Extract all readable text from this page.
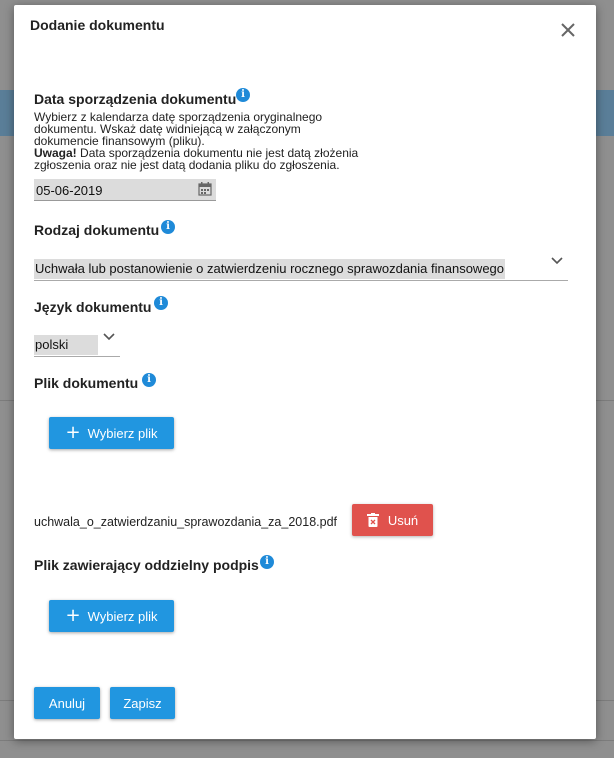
Dodanie dokumentu
Data sporządzenia dokumentu i
Wybierz z kalendarza datę sporządzenia oryginalnego
dokumentu. Wskaż datę widniejącą w załączonym
dokumencie finansowym (pliku).
Uwaga! Data sporządzenia dokumentu nie jest datą złożenia
zgłoszenia oraz nie jest datą dodania pliku do zgłoszenia.
05-06-2019
Rodzaj dokumentu i
Uchwała lub postanowienie o zatwierdzeniu rocznego sprawozdania finansowego
Język dokumentu i
polski
Plik dokumentu i
+ Wybierz plik
uchwala_o_zatwierdzaniu_sprawozdania_za_2018.pdf	Usuń
Plik zawierający oddzielny podpis i
+ Wybierz plik
Anuluj	Zapisz
